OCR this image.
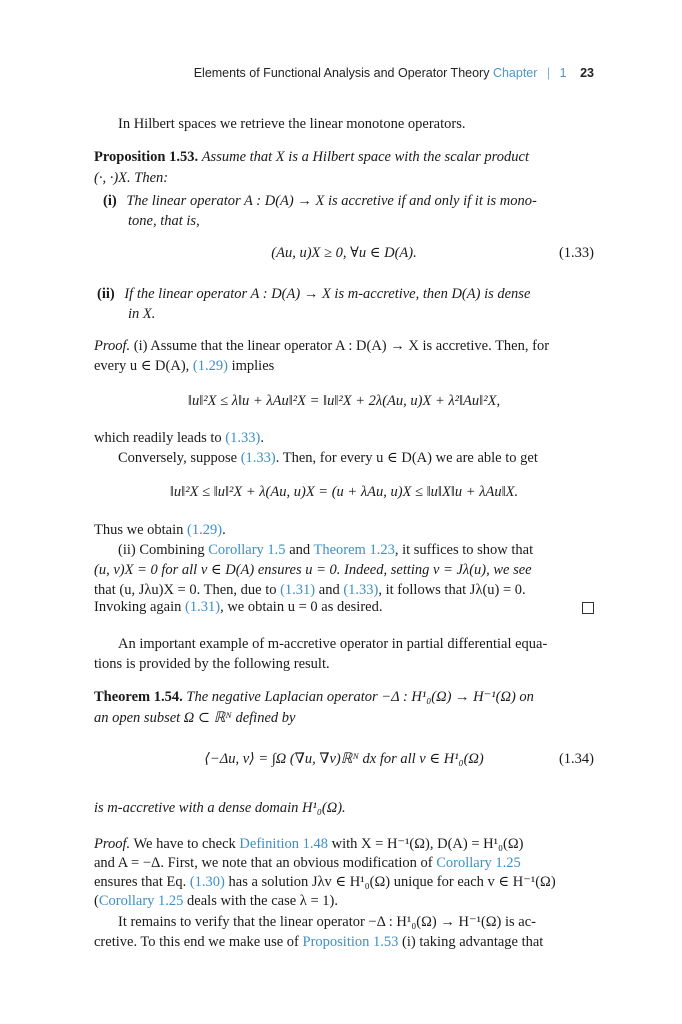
Elements of Functional Analysis and Operator Theory Chapter | 1 23
In Hilbert spaces we retrieve the linear monotone operators.
Proposition 1.53. Assume that X is a Hilbert space with the scalar product
(·, ·)X. Then:
(i) The linear operator A : D(A) → X is accretive if and only if it is mono-
tone, that is,
(Au, u)X ≥ 0, ∀u ∈ D(A).	(1.33)
(ii) If the linear operator A : D(A) → X is m-accretive, then D(A) is dense
in X.
Proof. (i) Assume that the linear operator A : D(A) → X is accretive. Then, for
every u ∈ D(A), (1.29) implies
‖u‖²X ≤ λ‖u + λAu‖²X = ‖u‖²X + 2λ(Au, u)X + λ²‖Au‖²X,
which readily leads to (1.33).
Conversely, suppose (1.33). Then, for every u ∈ D(A) we are able to get
‖u‖²X ≤ ‖u‖²X + λ(Au, u)X = (u + λAu, u)X ≤ ‖u‖X‖u + λAu‖X.
Thus we obtain (1.29).
(ii) Combining Corollary 1.5 and Theorem 1.23, it suffices to show that
(u, v)X = 0 for all v ∈ D(A) ensures u = 0. Indeed, setting v = Jλ(u), we see
that (u, Jλu)X = 0. Then, due to (1.31) and (1.33), it follows that Jλ(u) = 0.
Invoking again (1.31), we obtain u = 0 as desired.
An important example of m-accretive operator in partial differential equa-
tions is provided by the following result.
Theorem 1.54. The negative Laplacian operator −Δ : H¹₀(Ω) → H⁻¹(Ω) on
an open subset Ω ⊂ ℝᴺ defined by
⟨−Δu, v⟩ = ∫Ω (∇u, ∇v)ℝᴺ dx for all v ∈ H¹₀(Ω)	(1.34)
is m-accretive with a dense domain H¹₀(Ω).
Proof. We have to check Definition 1.48 with X = H⁻¹(Ω), D(A) = H¹₀(Ω)
and A = −Δ. First, we note that an obvious modification of Corollary 1.25
ensures that Eq. (1.30) has a solution Jλv ∈ H¹₀(Ω) unique for each v ∈ H⁻¹(Ω)
(Corollary 1.25 deals with the case λ = 1).
It remains to verify that the linear operator −Δ : H¹₀(Ω) → H⁻¹(Ω) is ac-
cretive. To this end we make use of Proposition 1.53 (i) taking advantage that
